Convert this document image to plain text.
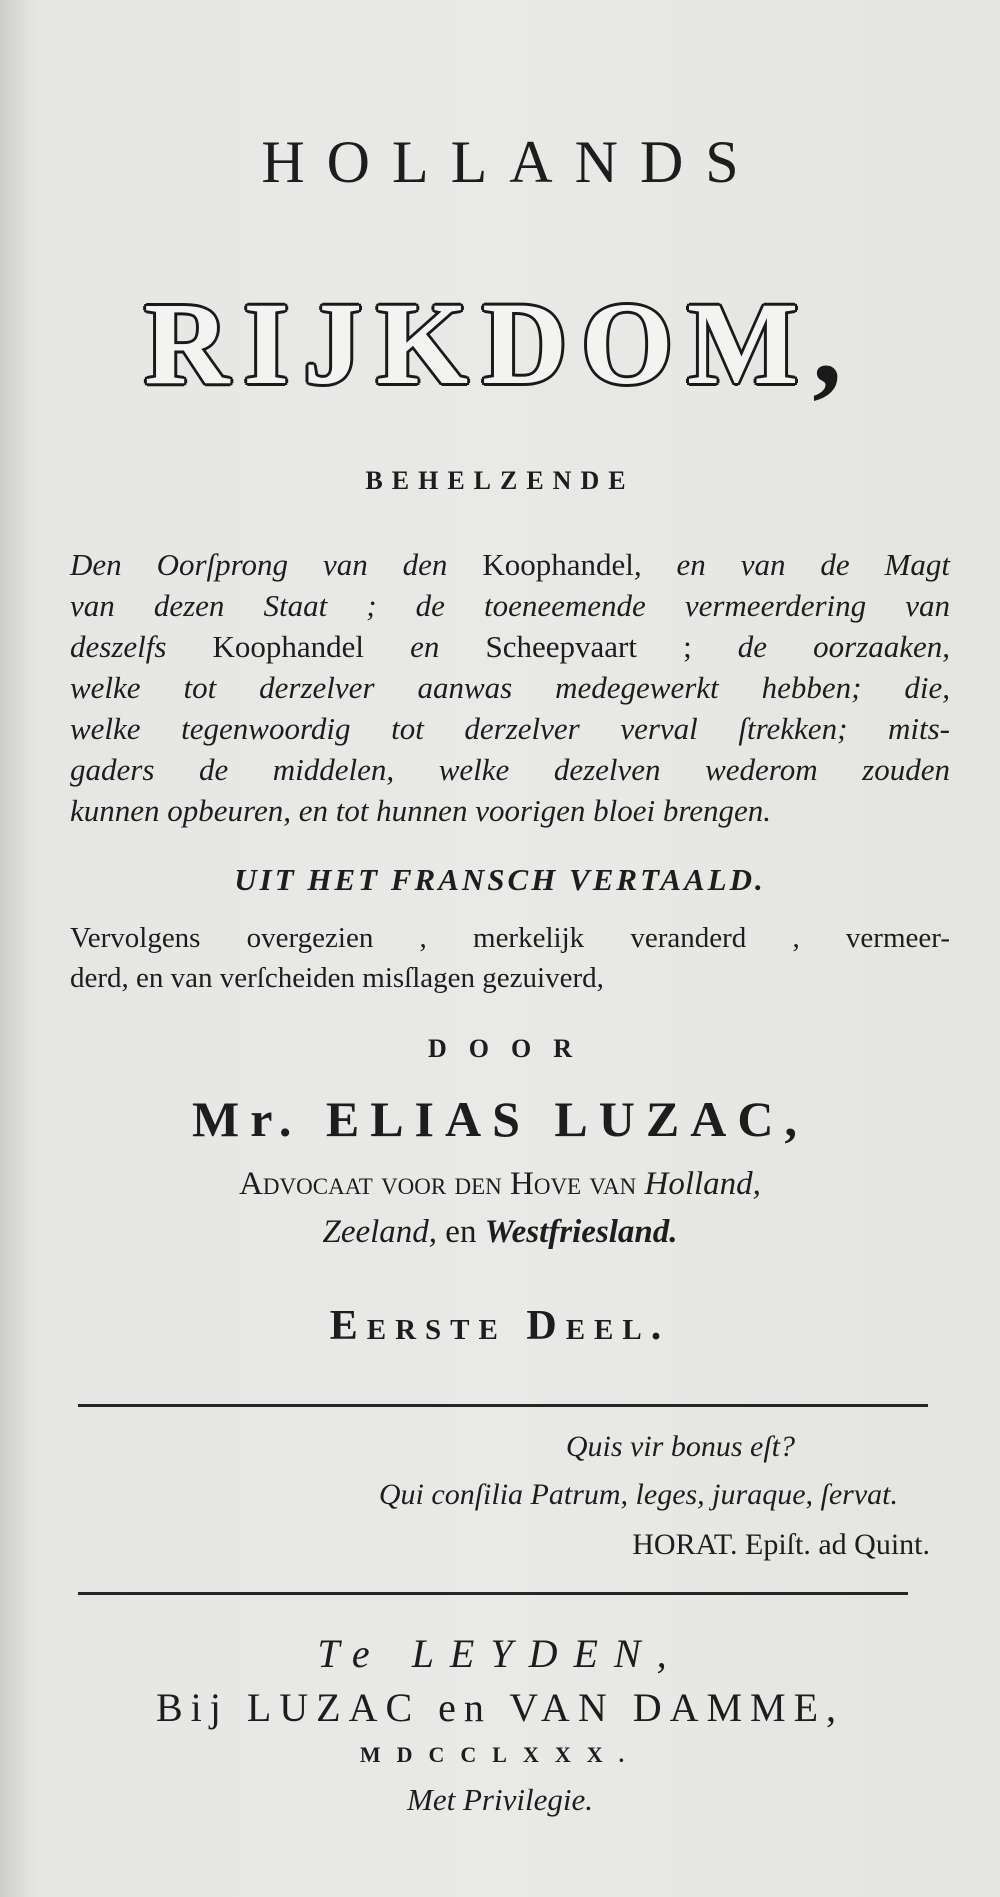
HOLLANDS
RIJKDOM,
BEHELZENDE
Den Oorſprong van den Koophandel, en van de Magt
van dezen Staat ; de toeneemende vermeerdering van
deszelfs Koophandel en Scheepvaart ; de oorzaaken,
welke tot derzelver aanwas medegewerkt hebben; die,
welke tegenwoordig tot derzelver verval ſtrekken; mits-
gaders de middelen, welke dezelven wederom zouden
kunnen opbeuren, en tot hunnen voorigen bloei brengen.
UIT HET FRANSCH VERTAALD.
Vervolgens overgezien , merkelijk veranderd , vermeer-
derd, en van verſcheiden misſlagen gezuiverd,
DOOR
Mr. ELIAS LUZAC,
Advocaat voor den Hove van Holland,
Zeeland, en Westfriesland.
Eerste Deel.
Quis vir bonus eſt?
Qui conſilia Patrum, leges, juraque, ſervat.
HORAT. Epiſt. ad Quint.
Te LEYDEN,
Bij LUZAC en VAN DAMME,
MDCCLXXX.
Met Privilegie.
